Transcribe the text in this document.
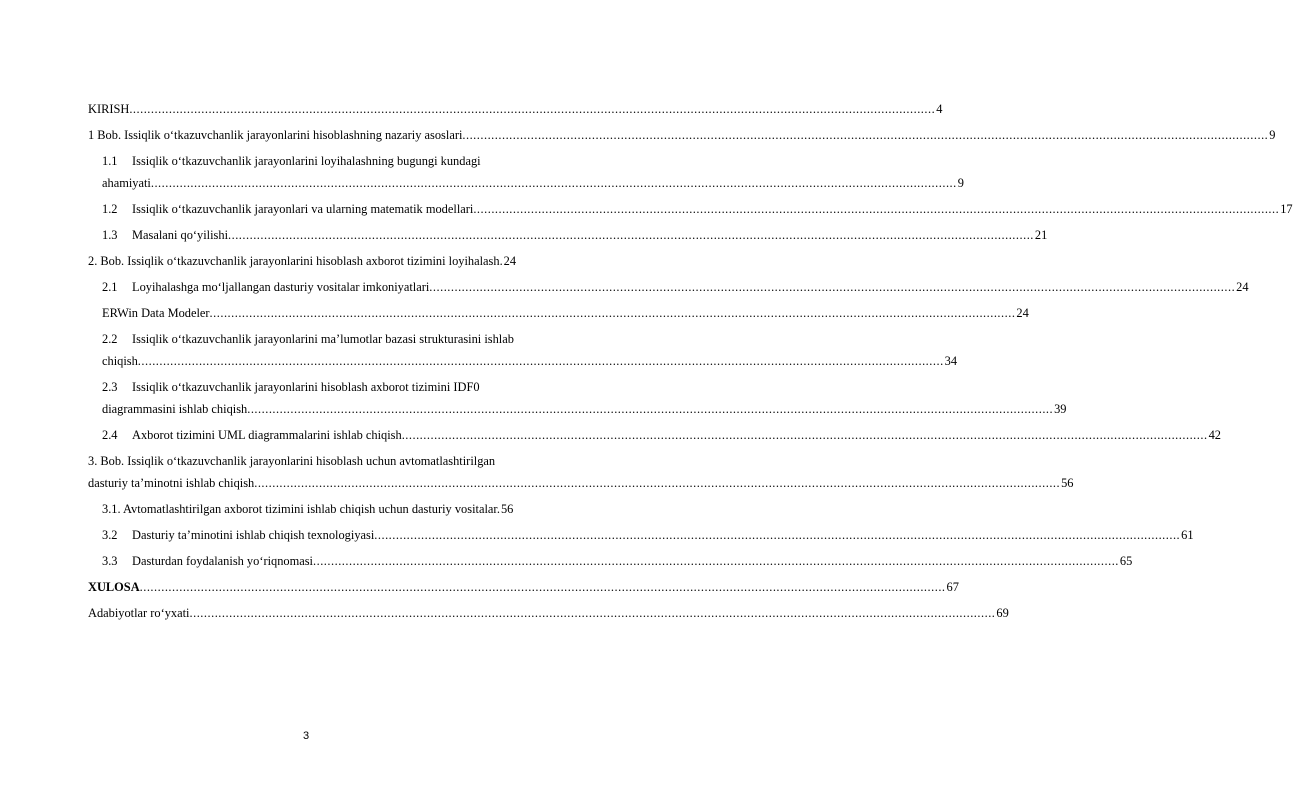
KIRISH .....	4
1 Bob. Issiqlik o‘tkazuvchanlik jarayonlarini hisoblashning nazariy asoslari .....	9
1.1 Issiqlik o‘tkazuvchanlik jarayonlarini loyihalashning bugungi kundagi
ahamiyati .....	9
1.2	Issiqlik o‘tkazuvchanlik jarayonlari va ularning matematik modellari .....	17
1.3	Masalani qo‘yilishi .....	21
2. Bob. Issiqlik o‘tkazuvchanlik jarayonlarini hisoblash axborot tizimini loyihalash. 24
2.1	Loyihalashga mo‘ljallangan dasturiy vositalar imkoniyatlari .....	24
ERWin Data Modeler .....	24
2.2 Issiqlik o‘tkazuvchanlik jarayonlarini ma’lumotlar bazasi strukturasini ishlab
chiqish .....	34
2.3 Issiqlik o‘tkazuvchanlik jarayonlarini hisoblash axborot tizimini IDF0
diagrammasini ishlab chiqish .....	39
2.4	Axborot tizimini UML diagrammalarini ishlab chiqish .....	42
3. Bob. Issiqlik o‘tkazuvchanlik jarayonlarini hisoblash uchun avtomatlashtirilgan
dasturiy ta’minotni ishlab chiqish .....	56
3.1. Avtomatlashtirilgan axborot tizimini ishlab chiqish uchun dasturiy vositalar. 56
3.2	Dasturiy ta’minotini ishlab chiqish texnologiyasi .....	61
3.3	Dasturdan foydalanish yo‘riqnomasi .....	65
XULOSA .....	67
Adabiyotlar ro‘yxati .....	69
3
